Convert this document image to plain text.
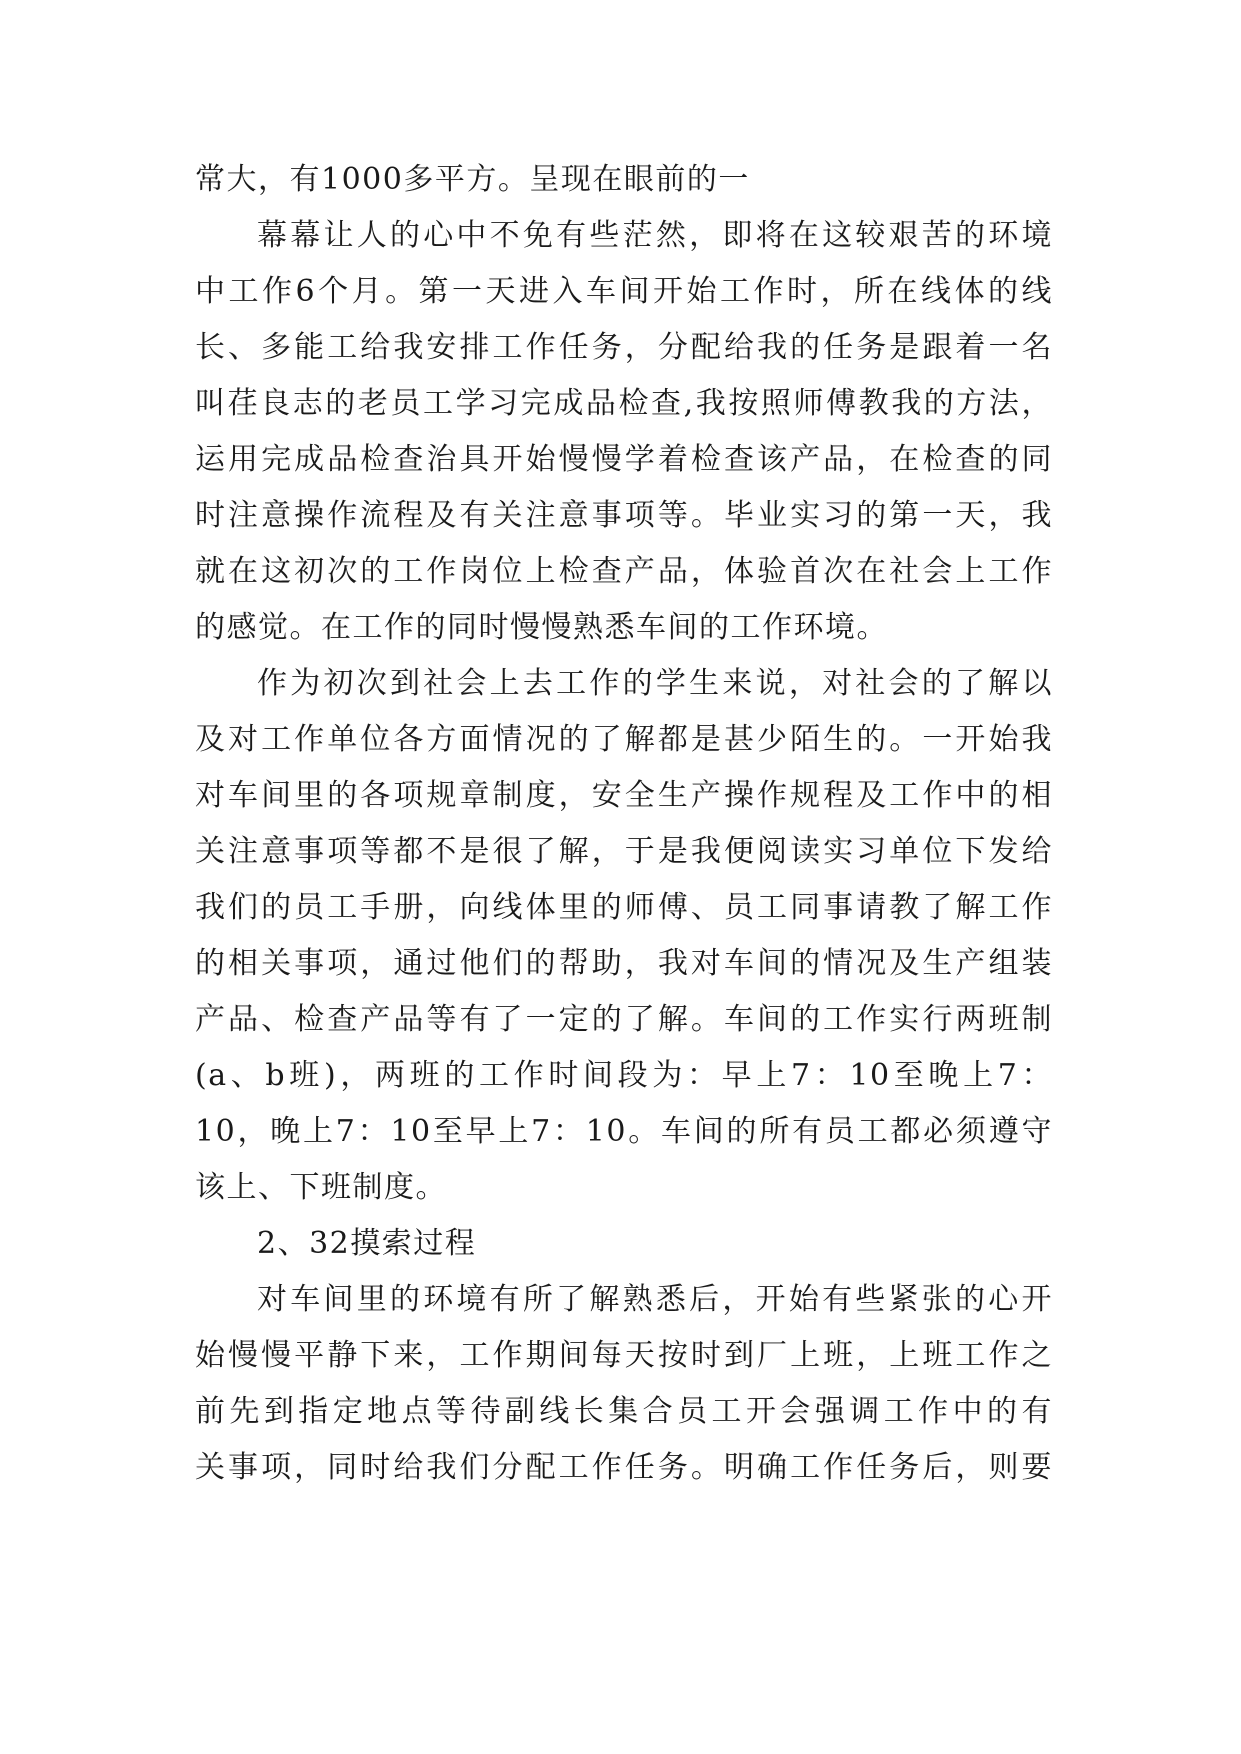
常大，有1000多平方。呈现在眼前的一
幕幕让人的心中不免有些茫然，即将在这较艰苦的环境
中工作6个月。第一天进入车间开始工作时，所在线体的线
长、多能工给我安排工作任务，分配给我的任务是跟着一名
叫荏良志的老员工学习完成品检查,我按照师傅教我的方法，
运用完成品检查治具开始慢慢学着检查该产品，在检查的同
时注意操作流程及有关注意事项等。毕业实习的第一天，我
就在这初次的工作岗位上检查产品，体验首次在社会上工作
的感觉。在工作的同时慢慢熟悉车间的工作环境。
作为初次到社会上去工作的学生来说，对社会的了解以
及对工作单位各方面情况的了解都是甚少陌生的。一开始我
对车间里的各项规章制度，安全生产操作规程及工作中的相
关注意事项等都不是很了解，于是我便阅读实习单位下发给
我们的员工手册，向线体里的师傅、员工同事请教了解工作
的相关事项，通过他们的帮助，我对车间的情况及生产组装
产品、检查产品等有了一定的了解。车间的工作实行两班制
(a、b班)，两班的工作时间段为：早上7：10至晚上7：
10，晚上7：10至早上7：10。车间的所有员工都必须遵守
该上、下班制度。
2、32摸索过程
对车间里的环境有所了解熟悉后，开始有些紧张的心开
始慢慢平静下来，工作期间每天按时到厂上班，上班工作之
前先到指定地点等待副线长集合员工开会强调工作中的有
关事项，同时给我们分配工作任务。明确工作任务后，则要
